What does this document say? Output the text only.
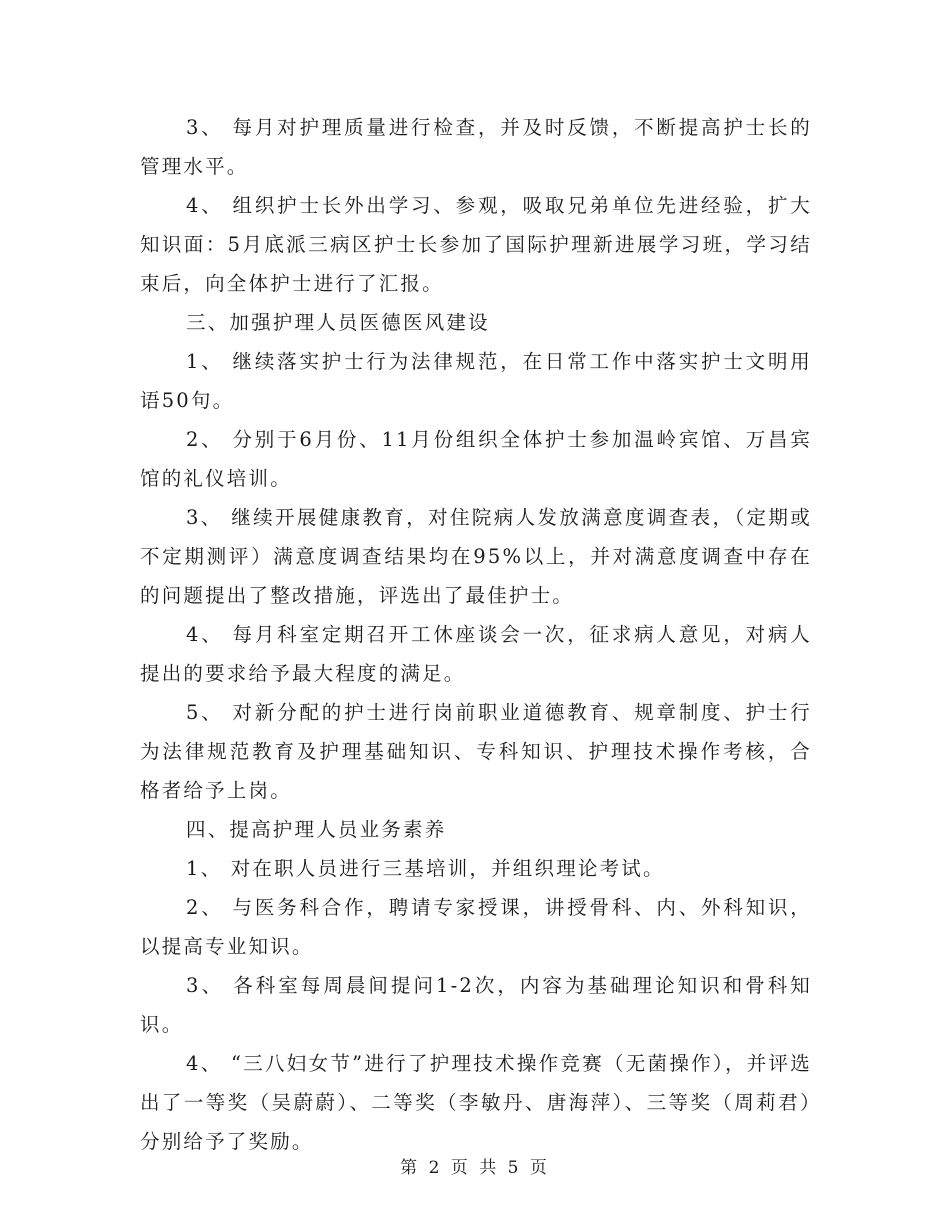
3、 每月对护理质量进行检查，并及时反馈，不断提高护士长的管理水平。

4、 组织护士长外出学习、参观，吸取兄弟单位先进经验，扩大知识面：5月底派三病区护士长参加了国际护理新进展学习班，学习结束后，向全体护士进行了汇报。

三、加强护理人员医德医风建设

1、 继续落实护士行为法律规范，在日常工作中落实护士文明用语50句。

2、 分别于6月份、11月份组织全体护士参加温岭宾馆、万昌宾馆的礼仪培训。

3、 继续开展健康教育，对住院病人发放满意度调查表，（定期或不定期测评）满意度调查结果均在95%以上，并对满意度调查中存在的问题提出了整改措施，评选出了最佳护士。

4、 每月科室定期召开工休座谈会一次，征求病人意见，对病人提出的要求给予最大程度的满足。

5、 对新分配的护士进行岗前职业道德教育、规章制度、护士行为法律规范教育及护理基础知识、专科知识、护理技术操作考核，合格者给予上岗。

四、提高护理人员业务素养

1、 对在职人员进行三基培训，并组织理论考试。

2、 与医务科合作，聘请专家授课，讲授骨科、内、外科知识，以提高专业知识。

3、 各科室每周晨间提问1-2次，内容为基础理论知识和骨科知识。

4、 “三八妇女节”进行了护理技术操作竞赛（无菌操作），并评选出了一等奖（吴蔚蔚）、二等奖（李敏丹、唐海萍）、三等奖（周莉君）分别给予了奖励。

第 2 页 共 5 页
